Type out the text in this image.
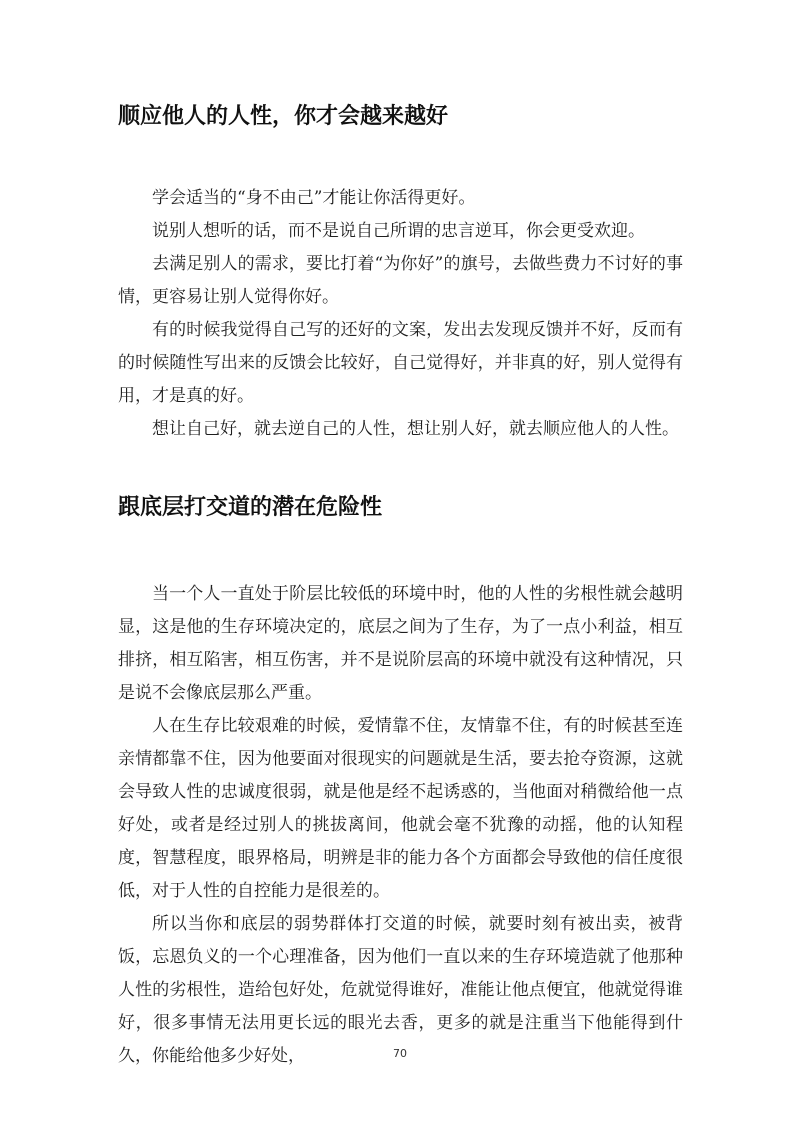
顺应他人的人性，你才会越来越好

学会适当的“身不由己”才能让你活得更好。

说别人想听的话，而不是说自己所谓的忠言逆耳，你会更受欢迎。

去满足别人的需求，要比打着“为你好”的旗号，去做些费力不讨好的事情，更容易让别人觉得你好。

有的时候我觉得自己写的还好的文案，发出去发现反馈并不好，反而有的时候随性写出来的反馈会比较好，自己觉得好，并非真的好，别人觉得有用，才是真的好。

想让自己好，就去逆自己的人性，想让别人好，就去顺应他人的人性。

跟底层打交道的潜在危险性

当一个人一直处于阶层比较低的环境中时，他的人性的劣根性就会越明显，这是他的生存环境决定的，底层之间为了生存，为了一点小利益，相互排挤，相互陷害，相互伤害，并不是说阶层高的环境中就没有这种情况，只是说不会像底层那么严重。

人在生存比较艰难的时候，爱情靠不住，友情靠不住，有的时候甚至连亲情都靠不住，因为他要面对很现实的问题就是生活，要去抢夺资源，这就会导致人性的忠诚度很弱，就是他是经不起诱惑的，当他面对稍微给他一点好处，或者是经过别人的挑拔离间，他就会毫不犹豫的动摇，他的认知程度，智慧程度，眼界格局，明辨是非的能力各个方面都会导致他的信任度很低，对于人性的自控能力是很差的。

所以当你和底层的弱势群体打交道的时候，就要时刻有被出卖，被背饭，忘恩负义的一个心理准备，因为他们一直以来的生存环境造就了他那种人性的劣根性，造给包好处，危就觉得谁好，准能让他点便宜，他就觉得谁好，很多事情无法用更长远的眼光去香，更多的就是注重当下他能得到什久，你能给他多少好处，	70
